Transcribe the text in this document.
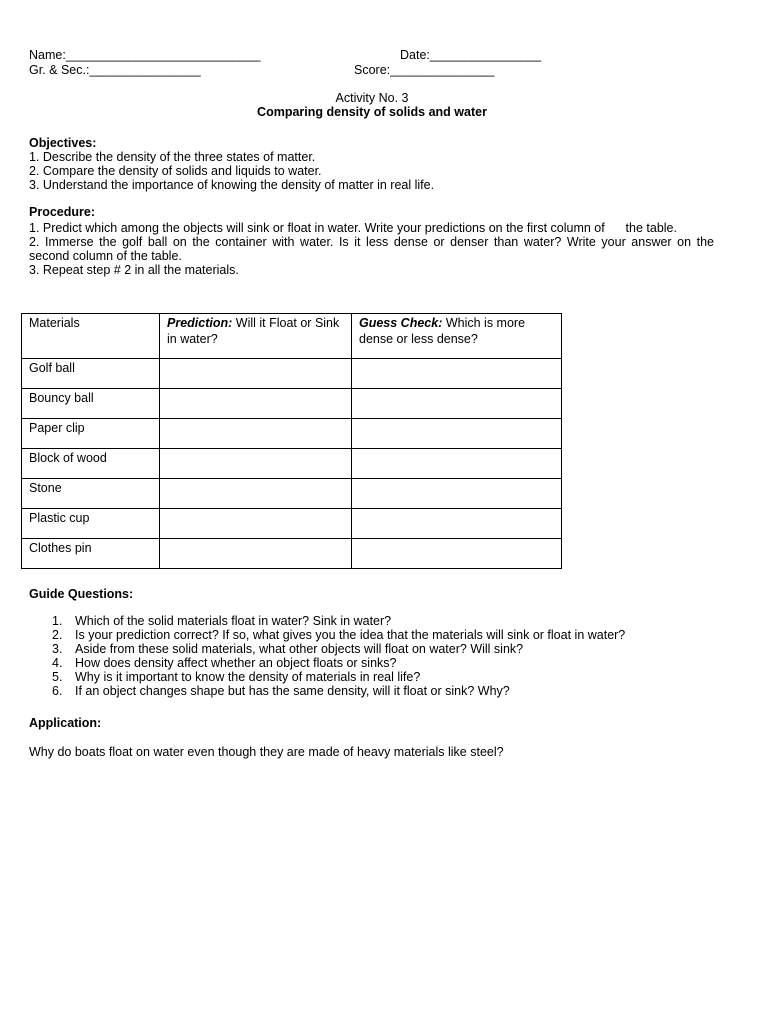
Name:____________________________	Date:________________
Gr. & Sec.:________________	Score:_______________
Activity No. 3
Comparing density of solids and water
Objectives:
1. Describe the density of the three states of matter.
2. Compare the density of solids and liquids to water.
3. Understand the importance of knowing the density of matter in real life.
Procedure:
1. Predict which among the objects will sink or float in water. Write your predictions on the first column of      the table.
2. Immerse the golf ball on the container with water. Is it less dense or denser than water? Write your answer on the
second column of the table.
3. Repeat step # 2 in all the materials.
Materials	Prediction: Will it Float or Sink in water?	Guess Check: Which is more dense or less dense?
Golf ball		
Bouncy ball		
Paper clip		
Block of wood		
Stone		
Plastic cup		
Clothes pin		
Guide Questions:
1. Which of the solid materials float in water? Sink in water?
2. Is your prediction correct? If so, what gives you the idea that the materials will sink or float in water?
3. Aside from these solid materials, what other objects will float on water? Will sink?
4. How does density affect whether an object floats or sinks?
5. Why is it important to know the density of materials in real life?
6. If an object changes shape but has the same density, will it float or sink? Why?
Application:
Why do boats float on water even though they are made of heavy materials like steel?
